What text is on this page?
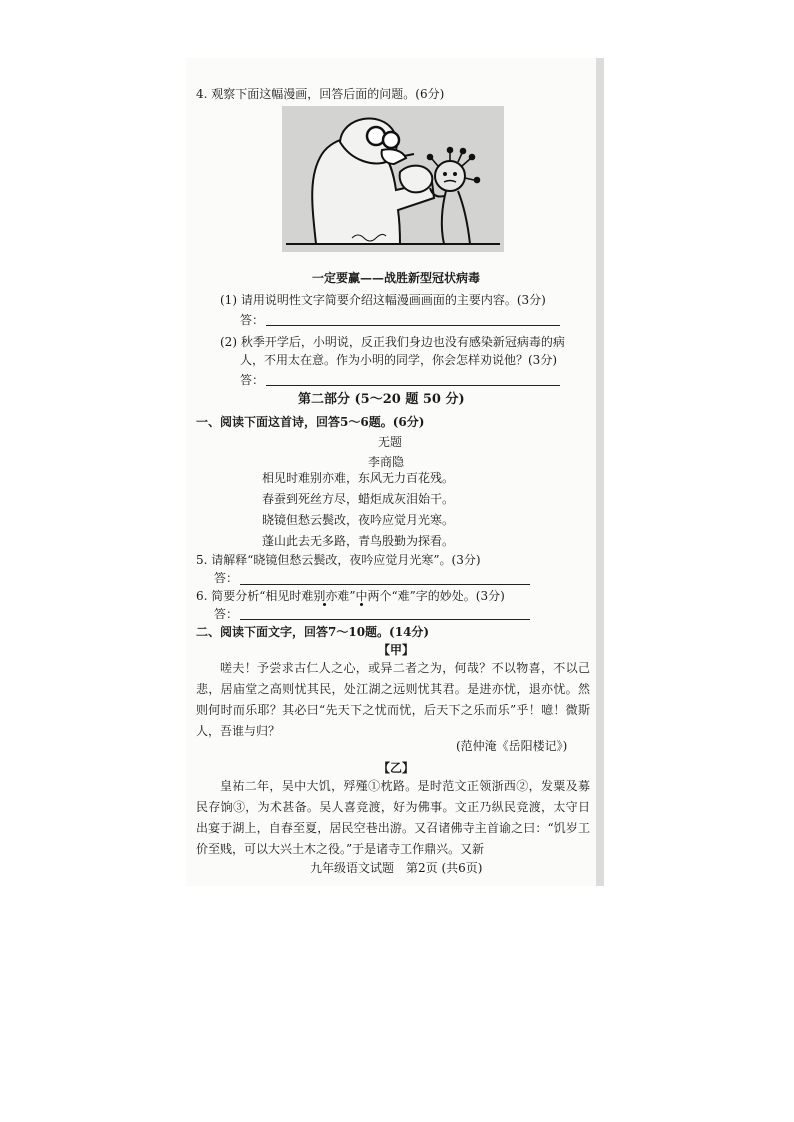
4. 观察下面这幅漫画，回答后面的问题。(6分)
一定要赢——战胜新型冠状病毒
(1) 请用说明性文字简要介绍这幅漫画画面的主要内容。(3分)
答：
(2) 秋季开学后，小明说，反正我们身边也没有感染新冠病毒的病
人，不用太在意。作为小明的同学，你会怎样劝说他？(3分)
答：
第二部分 (5～20 题 50 分)
一、阅读下面这首诗，回答5～6题。(6分)
无题
李商隐
相见时难别亦难，东风无力百花残。
春蚕到死丝方尽，蜡炬成灰泪始干。
晓镜但愁云鬓改，夜吟应觉月光寒。
蓬山此去无多路，青鸟殷勤为探看。
5. 请解释“晓镜但愁云鬓改，夜吟应觉月光寒”。(3分)
答：
6. 简要分析“相见时难别亦难”中两个“难”字的妙处。(3分)
答：
二、阅读下面文字，回答7～10题。(14分)
【甲】
嗟夫！予尝求古仁人之心，或异二者之为，何哉？不以物喜，不以己悲，居庙堂之高则忧其民，处江湖之远则忧其君。是进亦忧，退亦忧。然则何时而乐耶？其必曰“先天下之忧而忧，后天下之乐而乐”乎！噫！微斯人，吾谁与归？
(范仲淹《岳阳楼记》)
【乙】
皇祐二年，吴中大饥，殍殣①枕路。是时范文正领浙西②，发粟及募民存饷③，为术甚备。吴人喜竞渡，好为佛事。文正乃纵民竞渡，太守日出宴于湖上，自春至夏，居民空巷出游。又召诸佛寺主首谕之曰：“饥岁工价至贱，可以大兴土木之役。”于是诸寺工作鼎兴。又新
九年级语文试题　第2页 (共6页)
